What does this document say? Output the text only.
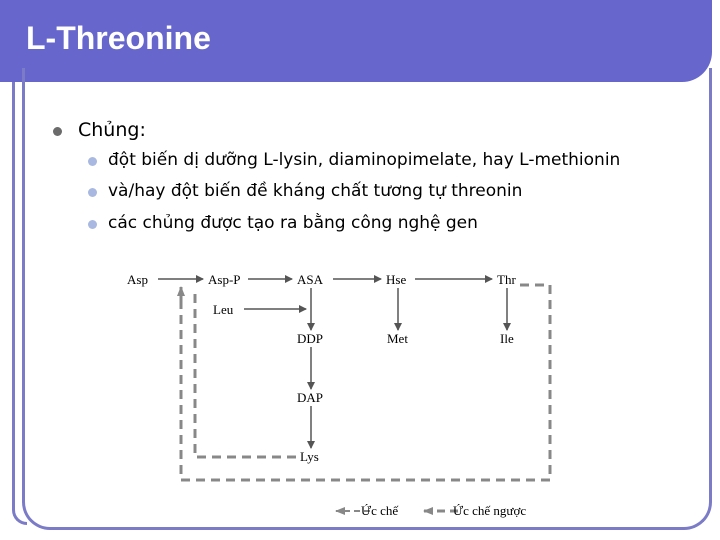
L-Threonine
Chủng:
đột biến dị dưỡng L-lysin, diaminopimelate, hay L-methionin
và/hay đột biến đề kháng chất tương tự threonin
các chủng được tạo ra bằng công nghệ gen
Asp	Asp-P	ASA	Hse	Thr
Leu
DDP	Met	Ile
DAP
Lys
Ức chế	Ức chế ngược
